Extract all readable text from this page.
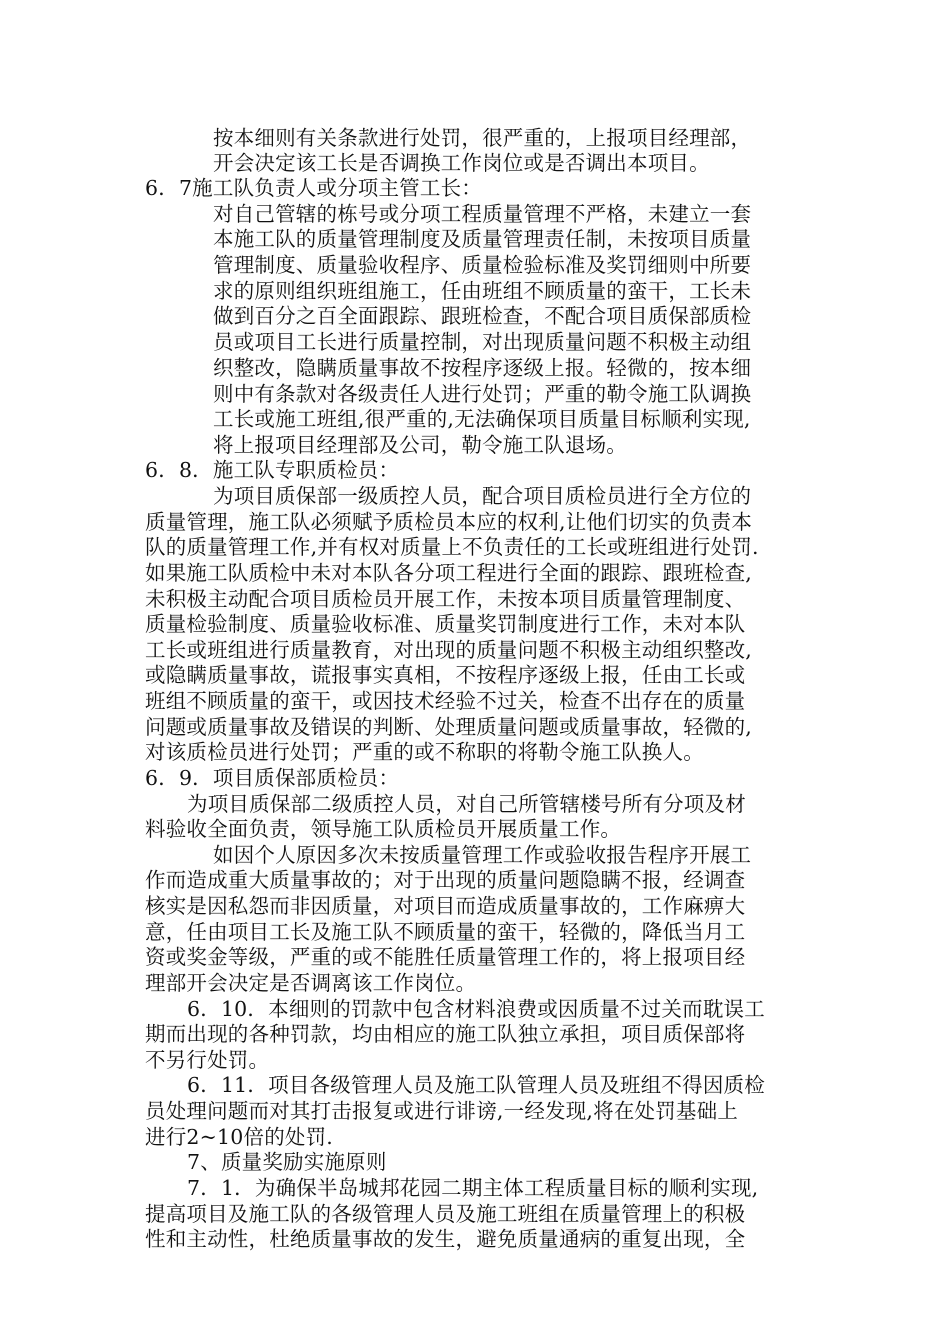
按本细则有关条款进行处罚，很严重的，上报项目经理部，
开会决定该工长是否调换工作岗位或是否调出本项目。
6．7施工队负责人或分项主管工长：
对自己管辖的栋号或分项工程质量管理不严格，未建立一套
本施工队的质量管理制度及质量管理责任制，未按项目质量
管理制度、质量验收程序、质量检验标准及奖罚细则中所要
求的原则组织班组施工，任由班组不顾质量的蛮干，工长未
做到百分之百全面跟踪、跟班检查，不配合项目质保部质检
员或项目工长进行质量控制，对出现质量问题不积极主动组
织整改，隐瞒质量事故不按程序逐级上报。轻微的，按本细
则中有条款对各级责任人进行处罚；严重的勒令施工队调换
工长或施工班组,很严重的,无法确保项目质量目标顺利实现,
将上报项目经理部及公司，勒令施工队退场。
6．8．施工队专职质检员：
为项目质保部一级质控人员，配合项目质检员进行全方位的
质量管理，施工队必须赋予质检员本应的权利,让他们切实的负责本
队的质量管理工作,并有权对质量上不负责任的工长或班组进行处罚.
如果施工队质检中未对本队各分项工程进行全面的跟踪、跟班检查,
未积极主动配合项目质检员开展工作，未按本项目质量管理制度、
质量检验制度、质量验收标准、质量奖罚制度进行工作，未对本队
工长或班组进行质量教育，对出现的质量问题不积极主动组织整改,
或隐瞒质量事故，谎报事实真相，不按程序逐级上报，任由工长或
班组不顾质量的蛮干，或因技术经验不过关，检查不出存在的质量
问题或质量事故及错误的判断、处理质量问题或质量事故，轻微的,
对该质检员进行处罚；严重的或不称职的将勒令施工队换人。
6．9．项目质保部质检员：
为项目质保部二级质控人员，对自己所管辖楼号所有分项及材
料验收全面负责，领导施工队质检员开展质量工作。
如因个人原因多次未按质量管理工作或验收报告程序开展工
作而造成重大质量事故的；对于出现的质量问题隐瞒不报，经调查
核实是因私怨而非因质量，对项目而造成质量事故的，工作麻痹大
意，任由项目工长及施工队不顾质量的蛮干，轻微的，降低当月工
资或奖金等级，严重的或不能胜任质量管理工作的，将上报项目经
理部开会决定是否调离该工作岗位。
6．10．本细则的罚款中包含材料浪费或因质量不过关而耽误工
期而出现的各种罚款，均由相应的施工队独立承担，项目质保部将
不另行处罚。
6．11．项目各级管理人员及施工队管理人员及班组不得因质检
员处理问题而对其打击报复或进行诽谤,一经发现,将在处罚基础上
进行2~10倍的处罚.
7、质量奖励实施原则
7．1．为确保半岛城邦花园二期主体工程质量目标的顺利实现,
提高项目及施工队的各级管理人员及施工班组在质量管理上的积极
性和主动性，杜绝质量事故的发生，避免质量通病的重复出现，全
